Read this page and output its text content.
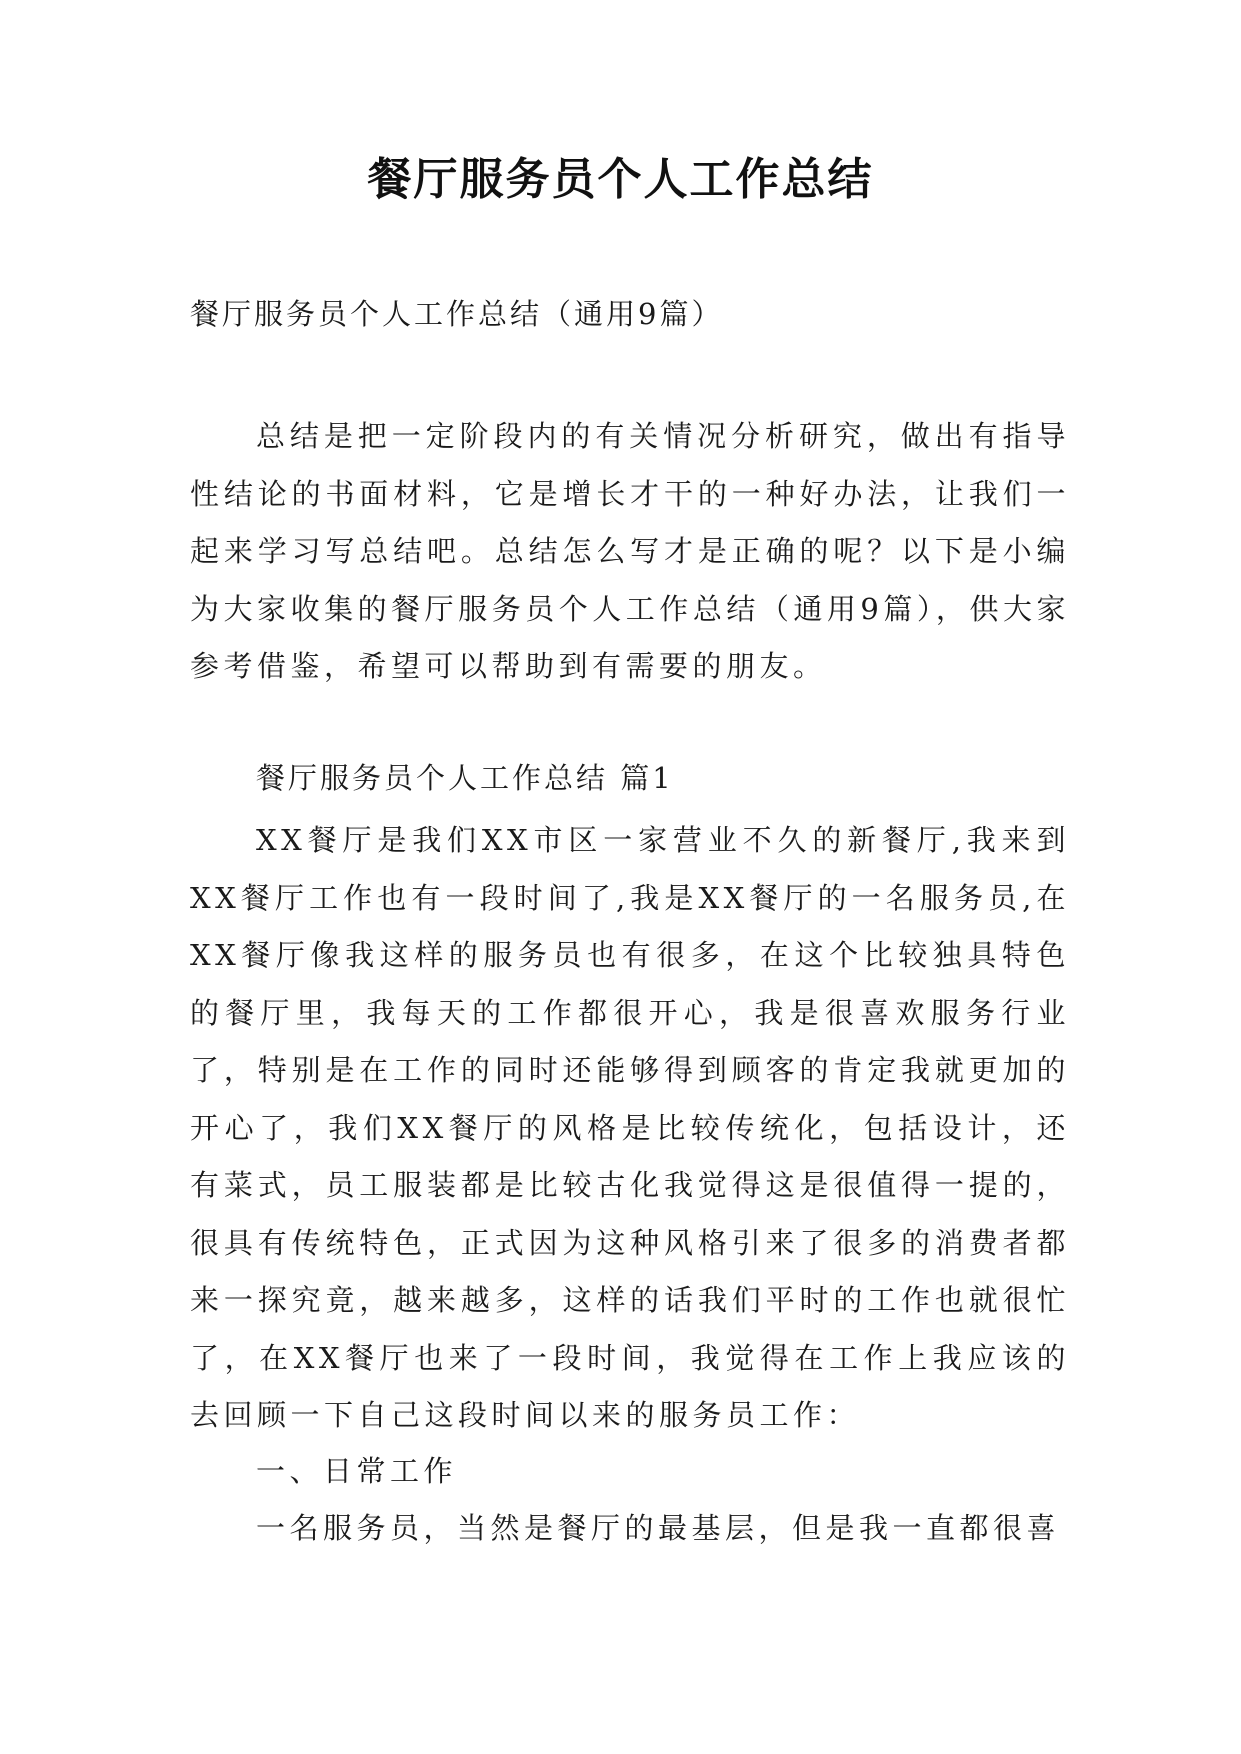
餐厅服务员个人工作总结

餐厅服务员个人工作总结（通用9篇）

总结是把一定阶段内的有关情况分析研究，做出有指导性结论的书面材料，它是增长才干的一种好办法，让我们一起来学习写总结吧。总结怎么写才是正确的呢？以下是小编为大家收集的餐厅服务员个人工作总结（通用9篇），供大家参考借鉴，希望可以帮助到有需要的朋友。

餐厅服务员个人工作总结 篇1

XX餐厅是我们XX市区一家营业不久的新餐厅,我来到XX餐厅工作也有一段时间了,我是XX餐厅的一名服务员,在XX餐厅像我这样的服务员也有很多，在这个比较独具特色的餐厅里，我每天的工作都很开心，我是很喜欢服务行业了，特别是在工作的同时还能够得到顾客的肯定我就更加的开心了，我们XX餐厅的风格是比较传统化，包括设计，还有菜式，员工服装都是比较古化我觉得这是很值得一提的，很具有传统特色，正式因为这种风格引来了很多的消费者都来一探究竟，越来越多，这样的话我们平时的工作也就很忙了，在XX餐厅也来了一段时间，我觉得在工作上我应该的去回顾一下自己这段时间以来的服务员工作：

一、日常工作

一名服务员，当然是餐厅的最基层，但是我一直都很喜
